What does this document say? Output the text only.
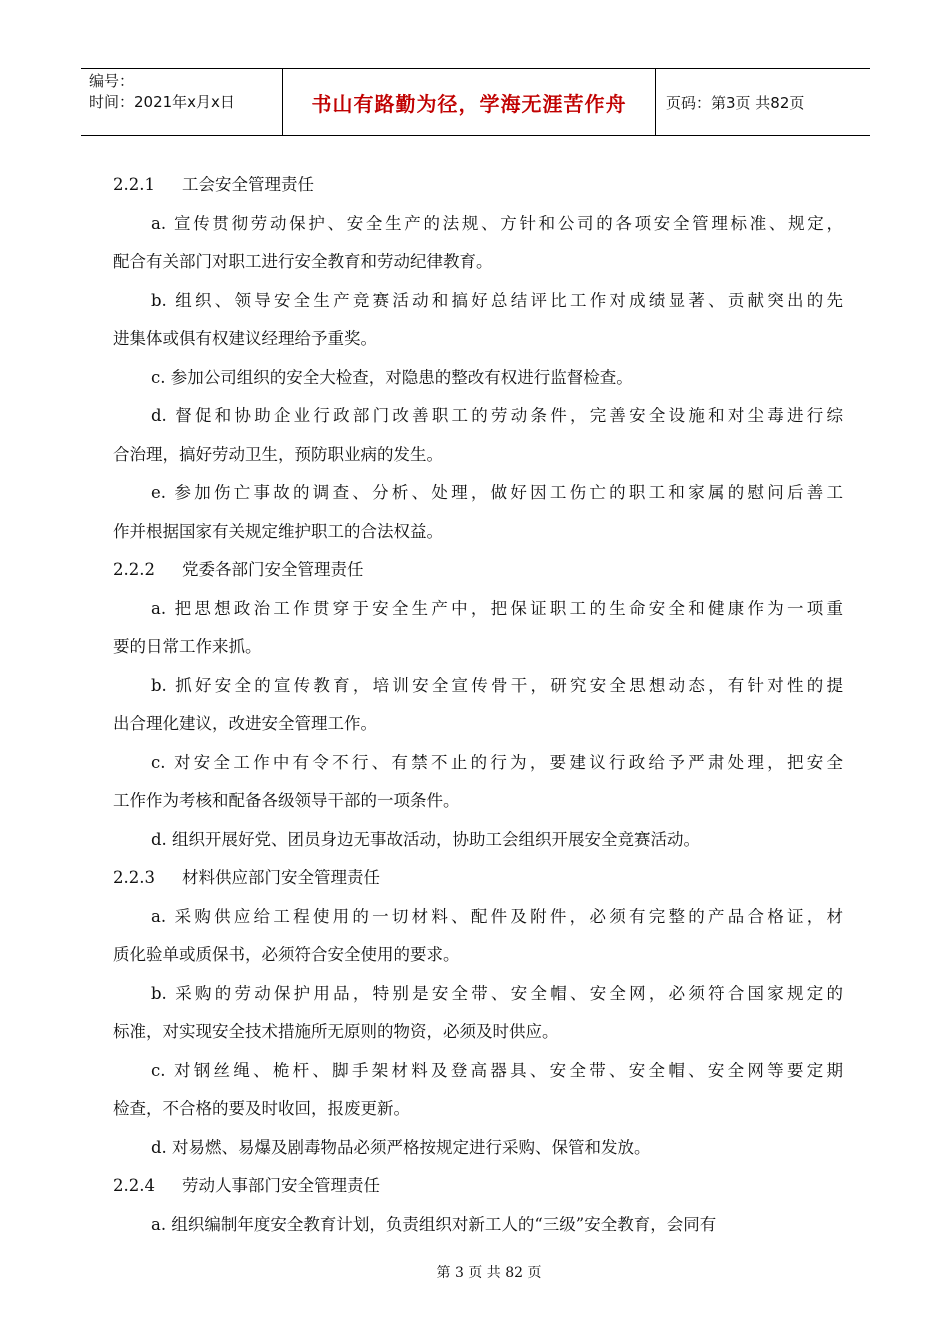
编号：
时间：2021年x月x日	书山有路勤为径，学海无涯苦作舟	页码：第3页 共82页
2.2.1 工会安全管理责任
a. 宣传贯彻劳动保护、安全生产的法规、方针和公司的各项安全管理标准、规定，
配合有关部门对职工进行安全教育和劳动纪律教育。
b. 组织、领导安全生产竞赛活动和搞好总结评比工作对成绩显著、贡献突出的先
进集体或俱有权建议经理给予重奖。
c. 参加公司组织的安全大检查，对隐患的整改有权进行监督检查。
d. 督促和协助企业行政部门改善职工的劳动条件，完善安全设施和对尘毒进行综
合治理，搞好劳动卫生，预防职业病的发生。
e. 参加伤亡事故的调查、分析、处理，做好因工伤亡的职工和家属的慰问后善工
作并根据国家有关规定维护职工的合法权益。
2.2.2 党委各部门安全管理责任
a. 把思想政治工作贯穿于安全生产中，把保证职工的生命安全和健康作为一项重
要的日常工作来抓。
b. 抓好安全的宣传教育，培训安全宣传骨干，研究安全思想动态，有针对性的提
出合理化建议，改进安全管理工作。
c. 对安全工作中有令不行、有禁不止的行为，要建议行政给予严肃处理，把安全
工作作为考核和配备各级领导干部的一项条件。
d. 组织开展好党、团员身边无事故活动，协助工会组织开展安全竞赛活动。
2.2.3 材料供应部门安全管理责任
a. 采购供应给工程使用的一切材料、配件及附件，必须有完整的产品合格证，材
质化验单或质保书，必须符合安全使用的要求。
b. 采购的劳动保护用品，特别是安全带、安全帽、安全网，必须符合国家规定的
标准，对实现安全技术措施所无原则的物资，必须及时供应。
c. 对钢丝绳、桅杆、脚手架材料及登高器具、安全带、安全帽、安全网等要定期
检查，不合格的要及时收回，报废更新。
d. 对易燃、易爆及剧毒物品必须严格按规定进行采购、保管和发放。
2.2.4 劳动人事部门安全管理责任
a. 组织编制年度安全教育计划，负责组织对新工人的“三级”安全教育，会同有
第 3 页 共 82 页
